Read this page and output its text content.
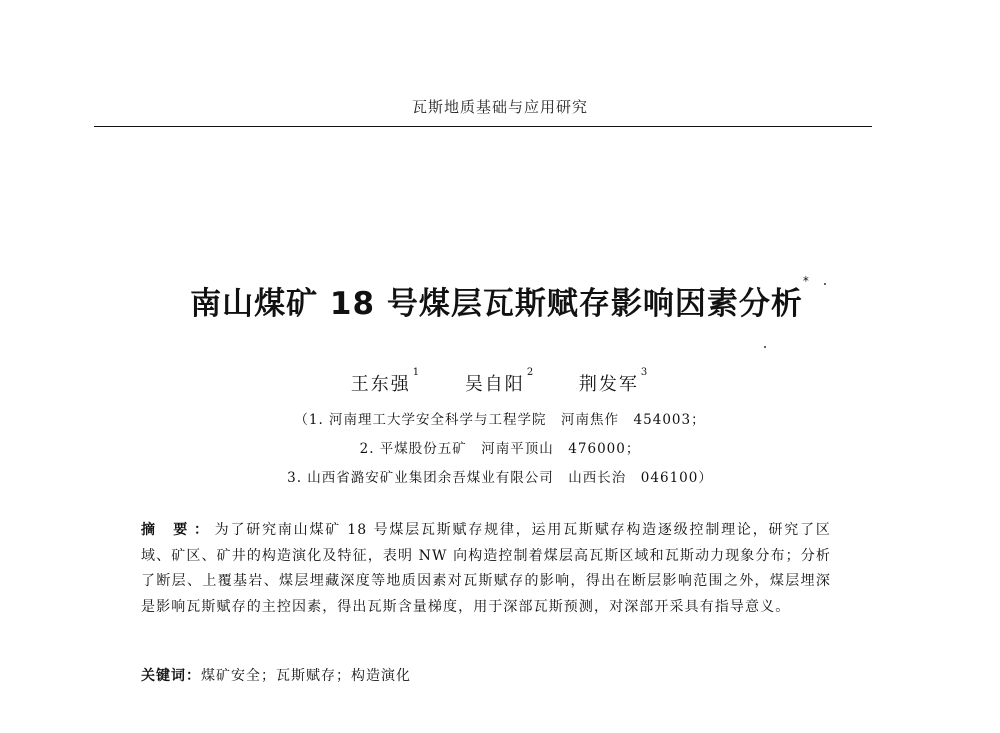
瓦斯地质基础与应用研究
南山煤矿 18 号煤层瓦斯赋存影响因素分析*
王东强$^1$ 吴自阳$^2$ 荆发军$^3$
（1. 河南理工大学安全科学与工程学院　河南焦作　454003；
2. 平煤股份五矿　河南平顶山　476000；
3. 山西省潞安矿业集团余吾煤业有限公司　山西长治　046100）
摘 要：为了研究南山煤矿 18 号煤层瓦斯赋存规律，运用瓦斯赋存构造逐级控制理论，研究了区域、矿区、矿井的构造演化及特征，表明 NW 向构造控制着煤层高瓦斯区域和瓦斯动力现象分布；分析了断层、上覆基岩、煤层埋藏深度等地质因素对瓦斯赋存的影响，得出在断层影响范围之外，煤层埋深是影响瓦斯赋存的主控因素，得出瓦斯含量梯度，用于深部瓦斯预测，对深部开采具有指导意义。
关键词：煤矿安全；瓦斯赋存；构造演化
